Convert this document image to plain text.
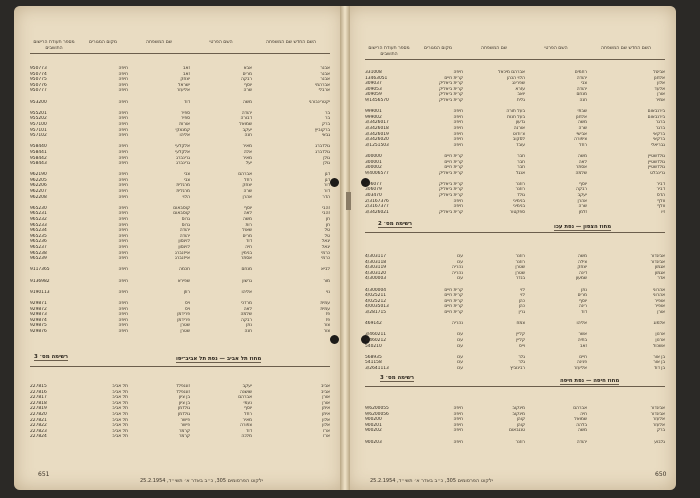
מספר תעודת הרישום התושבים
מקום המגורים	שם המשפחה	השם הפרטי	השם החדש שם המשפחה
950773	חיפה	זאב	אבא	אבנר
950774	חיפה	זאב	מרים	אבנר
950775	חיפה	יצחק	רבקה	אבנר
950776	חיפה	ישראל	יוסף	אברהמי
950777	חיפה	אליעזר	שרה	ארבלי
953200	חיפה	דוד	משה	יקטרינבורגי
955201	חיפה	ספיר	יהודה	בר
955202	חיפה	ספיר	דבורה	בר
957100	חיפה	אורות	שמואל	ברק
957101	חיפה	קמנצקי	יעקב	ברקוביץ
957102	חיפה	אליהו	חנה	גבאי
958440	חיפה	אלקלעי	מאיר	גולדברג
958441	חיפה	אלקלעי	אלה	גולדברג
958442	חיפה	גרינברג	מאיר	גולן
958443	חיפה	גרינברג	יעל	גולן
962190	חיפה	צבי	אברהם	דגן
962205	חיפה	צבי	רחל	דגן
962206	חיפה	מרגלית	יצחק	דור
962207	חיפה	מרגלית	שרה	דור
962208	חיפה	הלוי	אהרן	הדר
965230	חיפה	קוסבאום	יוסף	זהבי
965231	חיפה	קוסבאום	לאה	זהבי
965232	חיפה	גרוס	משה	חן
965233	חיפה	גרוס	רות	חן
965234	חיפה	יהודה	שאול	טל
965235	חיפה	יהודה	מרים	טל
965236	חיפה	לוינסון	דוד	יגאל
965237	חיפה	לוינסון	חיה	יגאל
965238	חיפה	אייזנברג	בנימין	כרמי
965239	חיפה	אייזנברג	אסתר	כרמי
9117365	חיפה	חכמה	מנחם	לביא
9136982	חיפה	שפירא	גרשון	מור
9190113	חיפה	רוזן	אליהו	נוי
929871	חיפה	ויס	מרדכי	עמית
929872	חיפה	ויס	לאה	עמית
929873	חיפה	פרידמן	שלמה	פז
929874	חיפה	פרידמן	רבקה	פז
929875	חיפה	שטרן	נתן	צור
929876	חיפה	שטרן	חנה	צור
רשימה מס׳ 3	מחוז תל אביב — נפת תל אביב־יפו
227815	תל אביב	זוננפלד	יעקב	אביב
227816	תל אביב	זוננפלד	שושנה	אביב
227817	תל אביב	בן ציון	אברהם	אורן
227818	תל אביב	בן ציון	נעמי	אורן
227819	תל אביב	גולדמן	יוסף	איתן
227820	תל אביב	גולדמן	רחל	איתן
227821	תל אביב	פישר	מאיר	אלון
227822	תל אביב	פישר	צפורה	אלון
227823	תל אביב	קרמר	דוד	ארז
227824	תל אביב	קרמר	מלכה	ארז
ילקוט הפרסומים 305, כ״ב באדר א׳ תשי״ד, 25.2.1954
651
מספר תעודת הרישום התושבים
מקום המגורים	שם המשפחה	השם הפרטי	השם החדש שם המשפחה
331008	חיפה	אברהם מיכאל	רחמים	אביטל
13463051	קרית חיים	הלוי הכהן	יהודה	אלחנן
309037	קרית ביאליק	שפרינג	צבי	אלון
309053	קרית ביאליק	עזרא	יהודה	אלעד
309059	קרית ביאליק	יואב	מנחם	אורן
9/1456570	קרית ביאליק	גלית	חנה	אמיר
999001	חיפה	בעל תורה	שבתי	בירנבאום
999002	חיפה	בעל חנות	אלחנן	בירנבאום
3/3426017	חיפה	גדעון	משה	ברגר
3/3426018	חיפה	אורנה	שרה	ברגר
3/3426019	חיפה	צ׳ודוט	אבישי	ברקאי
3/3426020	חיפה	לסקוב	ציפורה	ברקאי
3/1251503	חיפה	עובד	רחל	גבריאלי
300000	קרית חיים	חבר	משה	גולדשטיין
300001	קרית חיים	חבר	לאה	גולדשטיין
300002	קרית חיים	חבר	אסתר	גולדשטיין
9/4006577	קרית ביאליק	אנגל	שלמה	גרינבלט
306077	קרית ביאליק	רוזנר	יוסף	דביר
306079	קרית ביאליק	רוזנר	רבקה	דביר
303470	קרית ביאליק	גולד	יעקב	הדס
2/3167376	חיפה	בנימיני	אהרן	וולף
2/3167377	חיפה	בנימיני	שרה	וולף
3/3426021	קרית ביאליק	ספקטור	זלמן	זיו
רשימה מס׳ 2	מחוז הצפון — נפת עכו
4/303117	עכו	רוזנר	משה	אביגדור
4/303118	עכו	רוזנר	צילה	אביגדור
4/303119	נהריה	שטרן	יצחק	אגמון
4/303120	נהריה	שטרן	דינה	אגמון
4/300003	עכו	בנדר	שמעון	אדר
4/300004	קרית חיים	לוי	נתן	אהרוני
4/025211	קרית חיים	לוי	מרים	אהרוני
4/025212	קרית חיים	כהן	יוסף	אופיר
4/0035013	קרית חיים	כהן	רינה	אופיר
3/281715	קרית חיים	גרין	דוד	אורן
469142	נהריה	צמח	אליהו	אלמוג
3/460211	עכו	קליין	אשר	ארנון
3/460212	עכו	קליין	בתיה	ארנון
540210	עכו	וייס	זאב	אשכול
568935	עכו	גלר	חיים	בן אור
541158	עכו	גלר	פנינה	בן אור
3/2641113	עכו	רבינוביץ	אליעזר	בן דוד
רשימה מס׳ 3	מחוז חיפה — נפת חיפה
9/6200055	חיפה	מינקוב	אברהם	אביגדור
9/6200056	חיפה	מינקוב	חיה	אביגדור
900200	חיפה	קוהן	שמואל	אלעזר
900201	חיפה	קוהן	בלהה	אלעזר
900202	חיפה	טננבאום	משה	ברק
900203	חיפה	רוזנר	יהודה	גלבוע
ילקוט הפרסומים 305, כ״ב באדר א׳ תשי״ד, 25.2.1954
650
